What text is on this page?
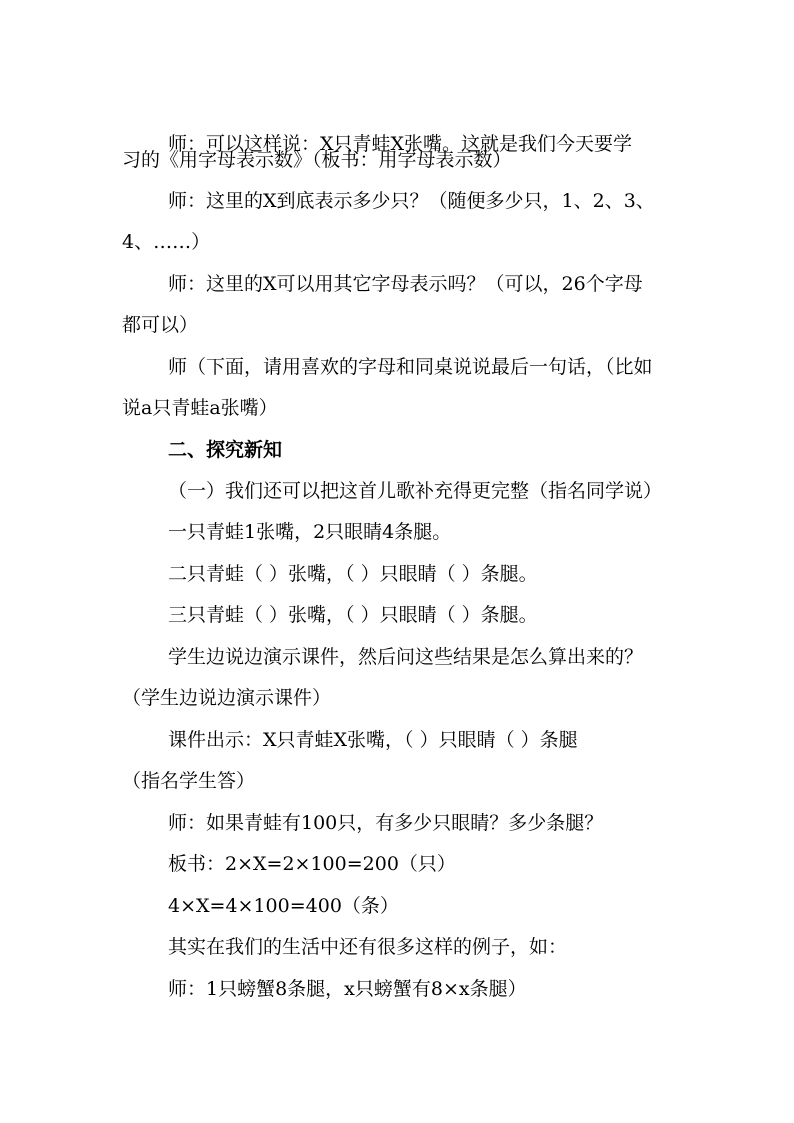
师：可以这样说：X只青蛙X张嘴。这就是我们今天要学
习的《用字母表示数》（板书：用字母表示数）
师：这里的X到底表示多少只？（随便多少只，1、2、3、
4、……）
师：这里的X可以用其它字母表示吗？（可以，26个字母
都可以）
师（下面，请用喜欢的字母和同桌说说最后一句话，（比如
说a只青蛙a张嘴）
二、探究新知
（一）我们还可以把这首儿歌补充得更完整（指名同学说）
一只青蛙1张嘴，2只眼睛4条腿。
二只青蛙（ ）张嘴，（ ）只眼睛（ ）条腿。
三只青蛙（ ）张嘴，（ ）只眼睛（ ）条腿。
学生边说边演示课件，然后问这些结果是怎么算出来的？
（学生边说边演示课件）
课件出示：X只青蛙X张嘴，（ ）只眼睛（ ）条腿
（指名学生答）
师：如果青蛙有100只，有多少只眼睛？多少条腿？
板书：2×X=2×100=200（只）
4×X=4×100=400（条）
其实在我们的生活中还有很多这样的例子，如：
师：1只螃蟹8条腿，x只螃蟹有8×x条腿）
